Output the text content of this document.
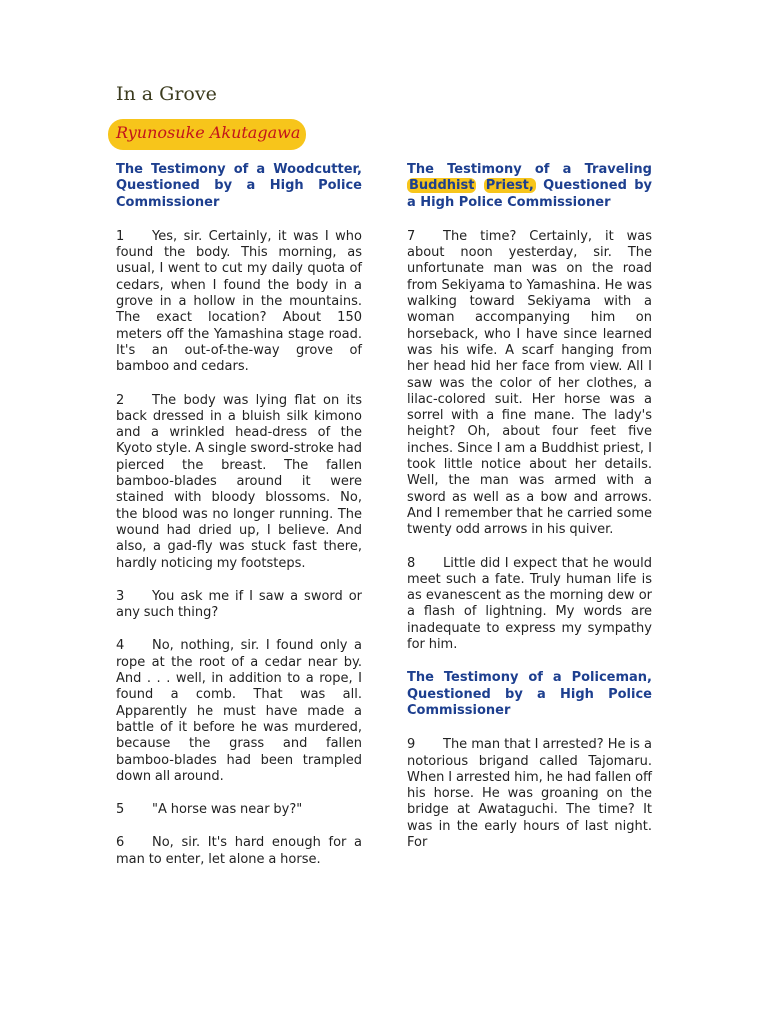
In a Grove
Ryunosuke Akutagawa

The Testimony of a Woodcutter, Questioned by a High Police Commissioner

1 Yes, sir. Certainly, it was I who found the body. This morning, as usual, I went to cut my daily quota of cedars, when I found the body in a grove in a hollow in the mountains. The exact location? About 150 meters off the Yamashina stage road. It's an out-of-the-way grove of bamboo and cedars.

2 The body was lying flat on its back dressed in a bluish silk kimono and a wrinkled head-dress of the Kyoto style. A single sword-stroke had pierced the breast. The fallen bamboo-blades around it were stained with bloody blossoms. No, the blood was no longer running. The wound had dried up, I believe. And also, a gad-fly was stuck fast there, hardly noticing my footsteps.

3 You ask me if I saw a sword or any such thing?

4 No, nothing, sir. I found only a rope at the root of a cedar near by. And . . . well, in addition to a rope, I found a comb. That was all. Apparently he must have made a battle of it before he was murdered, because the grass and fallen bamboo-blades had been trampled down all around.

5 "A horse was near by?"

6 No, sir. It's hard enough for a man to enter, let alone a horse.

The Testimony of a Traveling Buddhist Priest, Questioned by a High Police Commissioner

7 The time? Certainly, it was about noon yesterday, sir. The unfortunate man was on the road from Sekiyama to Yamashina. He was walking toward Sekiyama with a woman accompanying him on horseback, who I have since learned was his wife. A scarf hanging from her head hid her face from view. All I saw was the color of her clothes, a lilac-colored suit. Her horse was a sorrel with a fine mane. The lady's height? Oh, about four feet five inches. Since I am a Buddhist priest, I took little notice about her details. Well, the man was armed with a sword as well as a bow and arrows. And I remember that he carried some twenty odd arrows in his quiver.

8 Little did I expect that he would meet such a fate. Truly human life is as evanescent as the morning dew or a flash of lightning. My words are inadequate to express my sympathy for him.

The Testimony of a Policeman, Questioned by a High Police Commissioner

9 The man that I arrested? He is a notorious brigand called Tajomaru. When I arrested him, he had fallen off his horse. He was groaning on the bridge at Awataguchi. The time? It was in the early hours of last night. For
